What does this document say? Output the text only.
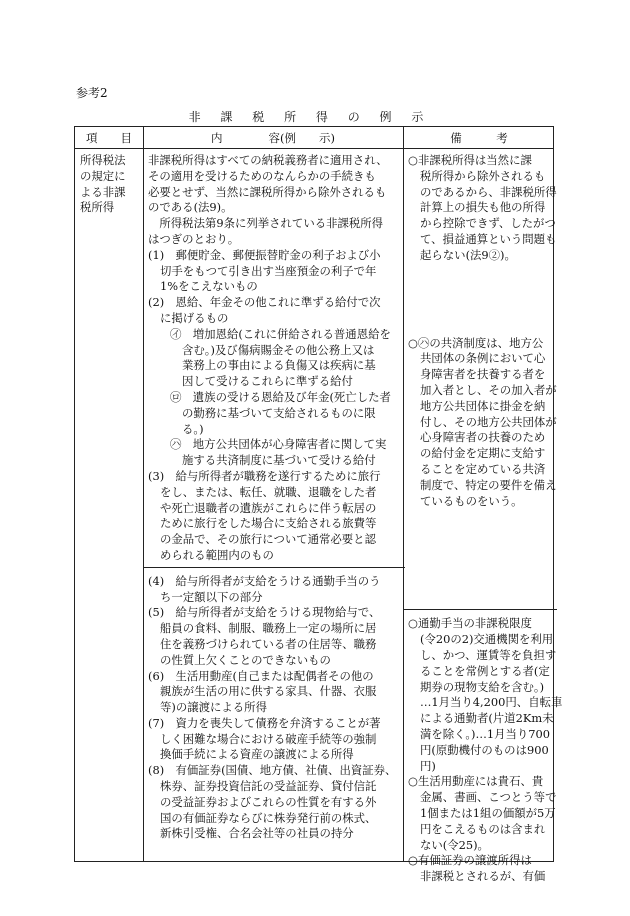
参考2
非 課 税 所 得 の 例 示
項　　目	内　　　　容(例　　示)	備　　　考
所得税法
の規定に
よる非課
税所得
非課税所得はすべての納税義務者に適用され、
その適用を受けるためのなんらかの手続きも
必要とせず、当然に課税所得から除外されるも
のである(法9)。
　所得税法第9条に列挙されている非課税所得
はつぎのとおり。
(1)　郵便貯金、郵便振替貯金の利子および小
切手をもつて引き出す当座預金の利子で年
1%をこえないもの
(2)　恩給、年金その他これに準ずる給付で次
に掲げるもの
㋑　増加恩給(これに併給される普通恩給を
含む。)及び傷病賜金その他公務上又は
業務上の事由による負傷又は疾病に基
因して受けるこれらに準ずる給付
㋺　遺族の受ける恩給及び年金(死亡した者
の勤務に基づいて支給されるものに限
る。)
㋩　地方公共団体が心身障害者に関して実
施する共済制度に基づいて受ける給付
(3)　給与所得者が職務を遂行するために旅行
をし、または、転任、就職、退職をした者
や死亡退職者の遺族がこれらに伴う転居の
ために旅行をした場合に支給される旅費等
の金品で、その旅行について通常必要と認
められる範囲内のもの
(4)　給与所得者が支給をうける通勤手当のう
ち一定額以下の部分
(5)　給与所得者が支給をうける現物給与で、
船員の食料、制服、職務上一定の場所に居
住を義務づけられている者の住居等、職務
の性質上欠くことのできないもの
(6)　生活用動産(自己または配偶者その他の
親族が生活の用に供する家具、什器、衣服
等)の譲渡による所得
(7)　資力を喪失して債務を弁済することが著
しく困難な場合における破産手続等の強制
換価手続による資産の譲渡による所得
(8)　有価証券(国債、地方債、社債、出資証券、
株券、証券投資信託の受益証券、貸付信託
の受益証券およびこれらの性質を有する外
国の有価証券ならびに株券発行前の株式、
新株引受権、合名会社等の社員の持分
○非課税所得は当然に課
税所得から除外されるも
のであるから、非課税所得
計算上の損失も他の所得
から控除できず、したがつ
て、損益通算という問題も
起らない(法9②)。
○㋩の共済制度は、地方公
共団体の条例において心
身障害者を扶養する者を
加入者とし、その加入者が
地方公共団体に掛金を納
付し、その地方公共団体が
心身障害者の扶養のため
の給付金を定期に支給す
ることを定めている共済
制度で、特定の要件を備え
ているものをいう。
○通勤手当の非課税限度
(令20の2)交通機関を利用
し、かつ、運賃等を負担す
ることを常例とする者(定
期券の現物支給を含む。)
…1月当り4,200円、自転車
による通勤者(片道2Km未
満を除く。)…1月当り700
円(原動機付のものは900
円)
○生活用動産には貴石、貴
金属、書画、こつとう等で
1個または1組の価額が5万
円をこえるものは含まれ
ない(令25)。
○有価証券の譲渡所得は
非課税とされるが、有価
